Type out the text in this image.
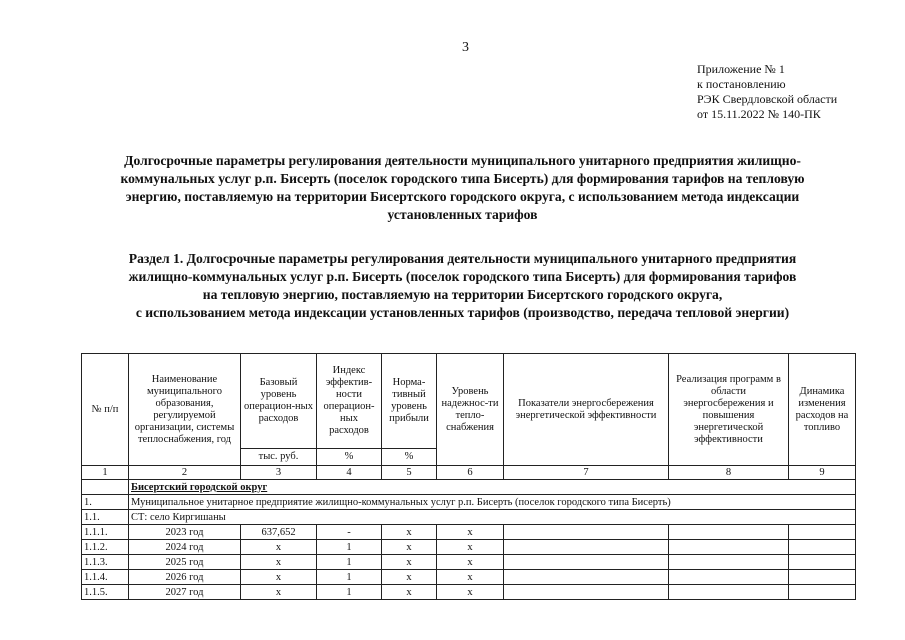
3
Приложение № 1
к постановлению
РЭК Свердловской области
от 15.11.2022 № 140-ПК
Долгосрочные параметры регулирования деятельности муниципального унитарного предприятия жилищно-
коммунальных услуг р.п. Бисерть (поселок городского типа Бисерть) для формирования тарифов на тепловую
энергию, поставляемую на территории Бисертского городского округа, с использованием метода индексации
установленных тарифов
Раздел 1. Долгосрочные параметры регулирования деятельности муниципального унитарного предприятия
жилищно-коммунальных услуг р.п. Бисерть (поселок городского типа Бисерть) для формирования тарифов
на тепловую энергию, поставляемую на территории Бисертского городского округа,
с использованием метода индексации установленных тарифов (производство, передача тепловой энергии)
№ п/п	Наименование муниципального образования, регулируемой организации, системы теплоснабжения, год	Базовый уровень операцион-ных расходов	Индекс эффектив-ности операцион-ных расходов	Норма-тивный уровень прибыли	Уровень надежнос-ти тепло-снабжения	Показатели энергосбережения энергетической эффективности	Реализация программ в области энергосбережения и повышения энергетической эффективности	Динамика изменения расходов на топливо
		тыс. руб.	%	%				
1	2	3	4	5	6	7	8	9
	Бисертский городской округ							
1.	Муниципальное унитарное предприятие жилищно-коммунальных услуг р.п. Бисерть (поселок городского типа Бисерть)							
1.1.	СТ: село Киргишаны							
1.1.1.	2023 год	637,652	-	x	x			
1.1.2.	2024 год	x	1	x	x			
1.1.3.	2025 год	x	1	x	x			
1.1.4.	2026 год	x	1	x	x			
1.1.5.	2027 год	x	1	x	x			
